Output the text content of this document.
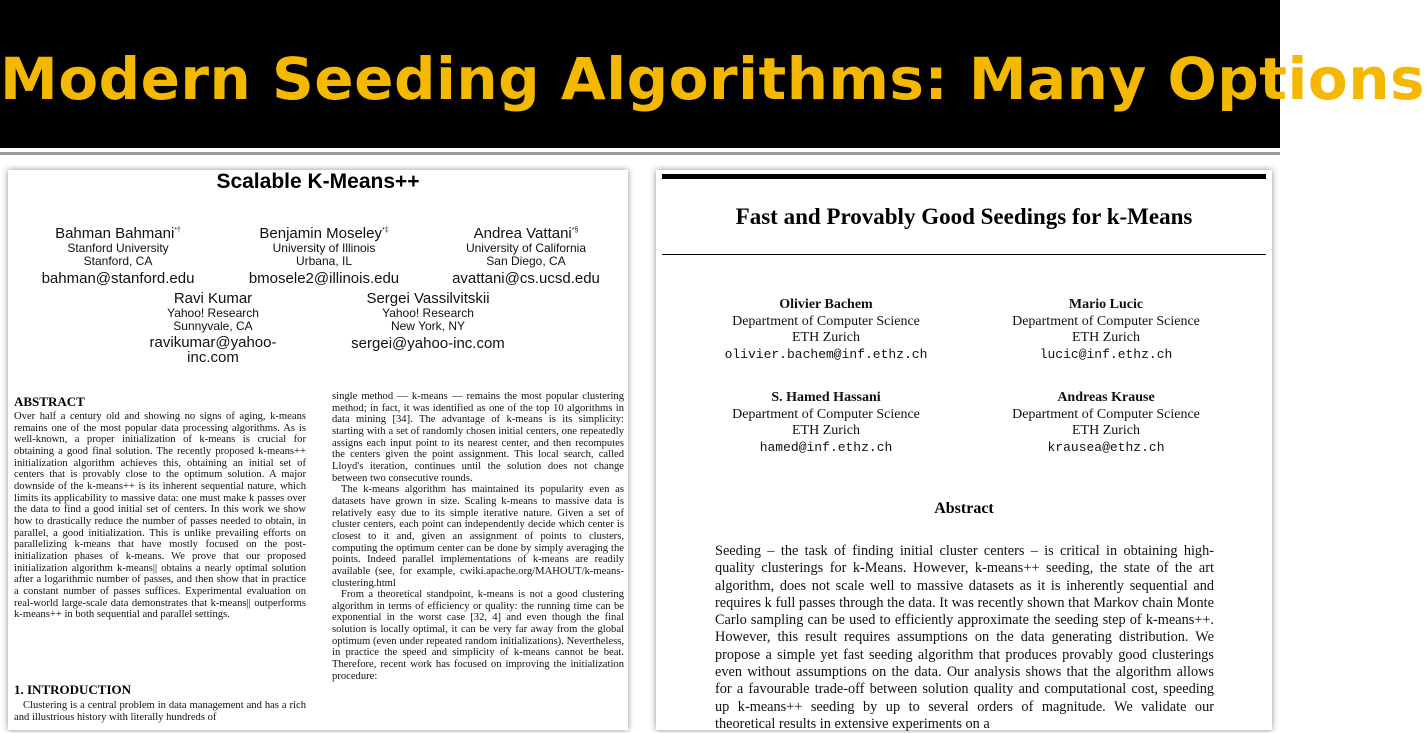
Modern Seeding Algorithms: Many Options
Scalable K-Means++
Bahman Bahmani*†
Stanford University
Stanford, CA
bahman@stanford.edu
Benjamin Moseley*‡
University of Illinois
Urbana, IL
bmosele2@illinois.edu
Andrea Vattani*§
University of California
San Diego, CA
avattani@cs.ucsd.edu
Ravi Kumar
Yahoo! Research
Sunnyvale, CA
ravikumar@yahoo-inc.com
Sergei Vassilvitskii
Yahoo! Research
New York, NY
sergei@yahoo-inc.com
ABSTRACT

Over half a century old and showing no signs of aging, k-means remains one of the most popular data processing algorithms. As is well-known, a proper initialization of k-means is crucial for obtaining a good final solution. The recently proposed k-means++ initialization algorithm achieves this, obtaining an initial set of centers that is provably close to the optimum solution. A major downside of the k-means++ is its inherent sequential nature, which limits its applicability to massive data: one must make k passes over the data to find a good initial set of centers. In this work we show how to drastically reduce the number of passes needed to obtain, in parallel, a good initialization. This is unlike prevailing efforts on parallelizing k-means that have mostly focused on the post-initialization phases of k-means. We prove that our proposed initialization algorithm k-means|| obtains a nearly optimal solution after a logarithmic number of passes, and then show that in practice a constant number of passes suffices. Experimental evaluation on real-world large-scale data demonstrates that k-means|| outperforms k-means++ in both sequential and parallel settings.

1. INTRODUCTION

Clustering is a central problem in data management and has a rich and illustrious history with literally hundreds of

single method — k-means — remains the most popular clustering method; in fact, it was identified as one of the top 10 algorithms in data mining [34]. The advantage of k-means is its simplicity: starting with a set of randomly chosen initial centers, one repeatedly assigns each input point to its nearest center, and then recomputes the centers given the point assignment. This local search, called Lloyd's iteration, continues until the solution does not change between two consecutive rounds.

The k-means algorithm has maintained its popularity even as datasets have grown in size. Scaling k-means to massive data is relatively easy due to its simple iterative nature. Given a set of cluster centers, each point can independently decide which center is closest to it and, given an assignment of points to clusters, computing the optimum center can be done by simply averaging the points. Indeed parallel implementations of k-means are readily available (see, for example, cwiki.apache.org/MAHOUT/k-means-clustering.html

From a theoretical standpoint, k-means is not a good clustering algorithm in terms of efficiency or quality: the running time can be exponential in the worst case [32, 4] and even though the final solution is locally optimal, it can be very far away from the global optimum (even under repeated random initializations). Nevertheless, in practice the speed and simplicity of k-means cannot be beat. Therefore, recent work has focused on improving the initialization procedure:

Fast and Provably Good Seedings for k-Means
Olivier Bachem
Department of Computer Science
ETH Zurich
olivier.bachem@inf.ethz.ch
Mario Lucic
Department of Computer Science
ETH Zurich
lucic@inf.ethz.ch
S. Hamed Hassani
Department of Computer Science
ETH Zurich
hamed@inf.ethz.ch
Andreas Krause
Department of Computer Science
ETH Zurich
krausea@ethz.ch
Abstract
Seeding – the task of finding initial cluster centers – is critical in obtaining high-quality clusterings for k-Means. However, k-means++ seeding, the state of the art algorithm, does not scale well to massive datasets as it is inherently sequential and requires k full passes through the data. It was recently shown that Markov chain Monte Carlo sampling can be used to efficiently approximate the seeding step of k-means++. However, this result requires assumptions on the data generating distribution. We propose a simple yet fast seeding algorithm that produces provably good clusterings even without assumptions on the data. Our analysis shows that the algorithm allows for a favourable trade-off between solution quality and computational cost, speeding up k-means++ seeding by up to several orders of magnitude. We validate our theoretical results in extensive experiments on a
